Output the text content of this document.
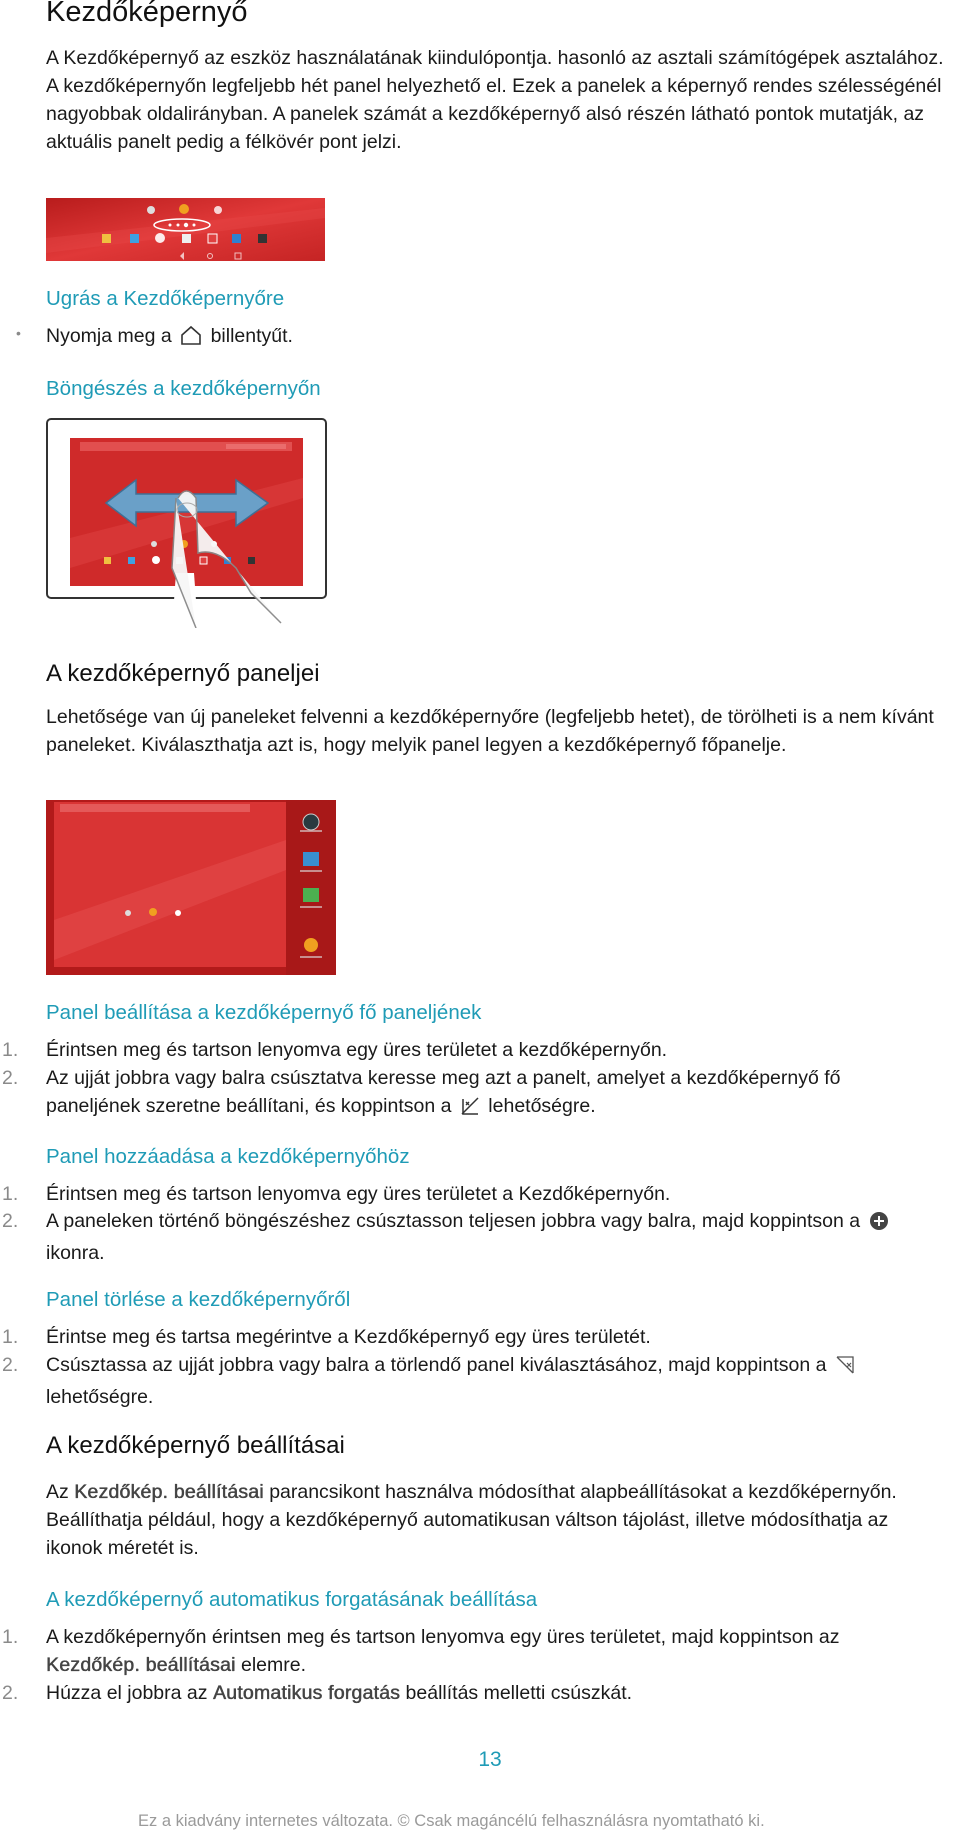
Kezdőképernyő

A Kezdőképernyő az eszköz használatának kiindulópontja. hasonló az asztali számítógépek asztalához. A kezdőképernyőn legfeljebb hét panel helyezhető el. Ezek a panelek a képernyő rendes szélességénél nagyobbak oldalirányban. A panelek számát a kezdőképernyő alsó részén látható pontok mutatják, az aktuális panelt pedig a félkövér pont jelzi.

Ugrás a Kezdőképernyőre
• Nyomja meg a billentyűt.
Böngészés a kezdőképernyőn
A kezdőképernyő paneljei

Lehetősége van új paneleket felvenni a kezdőképernyőre (legfeljebb hetet), de törölheti is a nem kívánt paneleket. Kiválaszthatja azt is, hogy melyik panel legyen a kezdőképernyő főpanelje.

Panel beállítása a kezdőképernyő fő paneljének
1. Érintsen meg és tartson lenyomva egy üres területet a kezdőképernyőn.
2. Az ujját jobbra vagy balra csúsztatva keresse meg azt a panelt, amelyet a kezdőképernyő fő paneljének szeretne beállítani, és koppintson a lehetőségre.
Panel hozzáadása a kezdőképernyőhöz
1. Érintsen meg és tartson lenyomva egy üres területet a Kezdőképernyőn.
2. A paneleken történő böngészéshez csúsztasson teljesen jobbra vagy balra, majd koppintson a  ikonra.
Panel törlése a kezdőképernyőről
1. Érintse meg és tartsa megérintve a Kezdőképernyő egy üres területét.
2. Csúsztassa az ujját jobbra vagy balra a törlendő panel kiválasztásához, majd koppintson a  lehetőségre.
A kezdőképernyő beállításai

Az Kezdőkép. beállításai parancsikont használva módosíthat alapbeállításokat a kezdőképernyőn. Beállíthatja például, hogy a kezdőképernyő automatikusan váltson tájolást, illetve módosíthatja az ikonok méretét is.

A kezdőképernyő automatikus forgatásának beállítása
1. A kezdőképernyőn érintsen meg és tartson lenyomva egy üres területet, majd koppintson az Kezdőkép. beállításai elemre.
2. Húzza el jobbra az Automatikus forgatás beállítás melletti csúszkát.
13
Ez a kiadvány internetes változata. © Csak magáncélú felhasználásra nyomtatható ki.
